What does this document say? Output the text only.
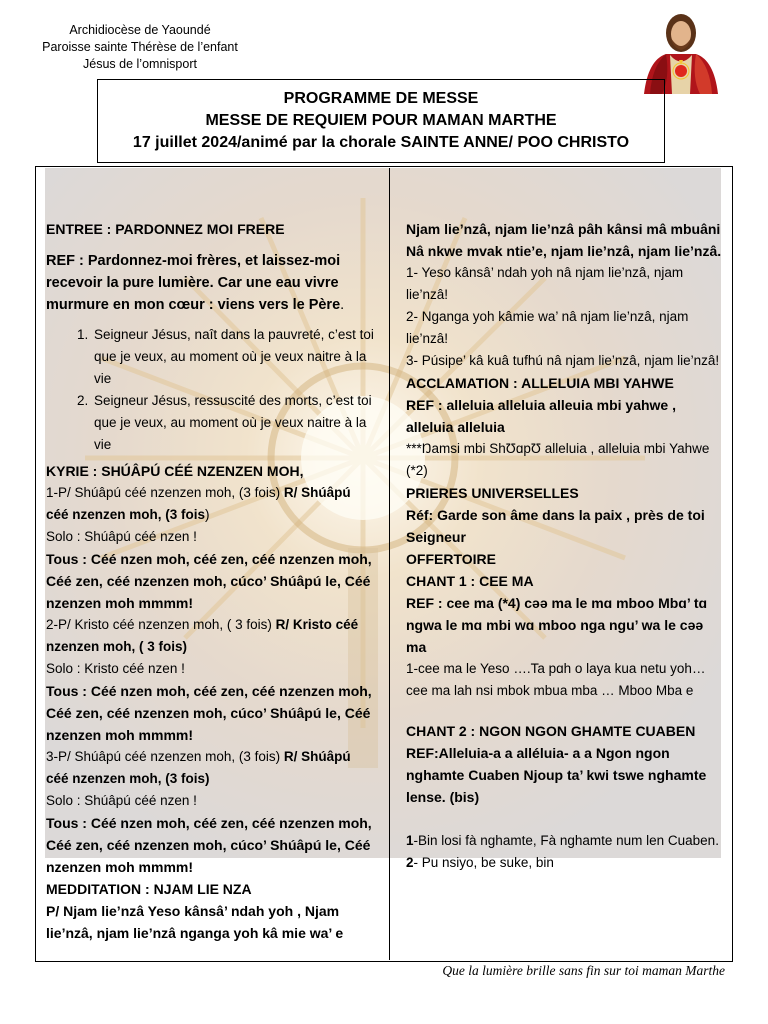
Archidiocèse de Yaoundé
Paroisse sainte Thérèse de l’enfant
Jésus de l’omnisport
PROGRAMME DE MESSE
MESSE DE REQUIEM POUR MAMAN MARTHE
17 juillet 2024/animé par la chorale SAINTE ANNE/ POO CHRISTO

ENTREE : PARDONNEZ MOI FRERE

REF : Pardonnez-moi frères, et laissez-moi recevoir la pure lumière. Car une eau vivre murmure en mon cœur : viens vers le Père.

1. Seigneur Jésus, naît dans la pauvreté, c’est toi que je veux, au moment où je veux naitre à la vie
2. Seigneur Jésus, ressuscité des morts, c’est toi que je veux, au moment où je veux naitre à la vie

KYRIE : SHÚÂPÚ CÉÉ NZENZEN MOH,

1-P/ Shúâpú céé nzenzen moh, (3 fois) R/ Shúâpú céé nzenzen moh, (3 fois)

Solo : Shúâpú céé nzen !

Tous : Céé nzen moh, céé zen, céé nzenzen moh, Céé zen, céé nzenzen moh, cúco’ Shúâpú le, Céé nzenzen moh mmmm!

2-P/ Kristo céé nzenzen moh, ( 3 fois) R/ Kristo céé nzenzen moh, ( 3 fois)

Solo : Kristo céé nzen !

Tous : Céé nzen moh, céé zen, céé nzenzen moh, Céé zen, céé nzenzen moh, cúco’ Shúâpú le, Céé nzenzen moh mmmm!

3-P/ Shúâpú céé nzenzen moh, (3 fois) R/ Shúâpú céé nzenzen moh, (3 fois)

Solo : Shúâpú céé nzen !

Tous : Céé nzen moh, céé zen, céé nzenzen moh, Céé zen, céé nzenzen moh, cúco’ Shúâpú le, Céé nzenzen moh mmmm!

MEDDITATION : NJAM LIE NZA

P/ Njam lie’nzâ Yeso kânsâ’ ndah yoh , Njam lie’nzâ, njam lie’nzâ nganga yoh kâ mie wa’ e

Njam lie’nzâ, njam lie’nzâ pâh kânsi mâ mbuâni Nâ nkwe mvak ntie’e, njam lie’nzâ, njam lie’nzâ.

1- Yeso kânsâ’ ndah yoh nâ njam lie’nzâ, njam lie’nzâ!

2- Nganga yoh kâmie wa’ nâ njam lie’nzâ, njam lie’nzâ!

3- Púsipe’ kâ kuâ tufhú nâ njam lie’nzâ, njam lie’nzâ!

ACCLAMATION : ALLELUIA MBI YAHWE

REF : alleluia alleluia alleuia mbi yahwe , alleluia alleluia

***Ŋamsi mbi ShƱɑpƱ alleluia , alleluia mbi Yahwe (*2)

PRIERES UNIVERSELLES

Réf: Garde son âme dans la paix , près de toi Seigneur

OFFERTOIRE

CHANT 1 : CEE MA

REF : cee ma (*4) cəə ma le mɑ mboo Mbɑ’ tɑ ngwa le mɑ mbi wɑ mboo nga ngu’ wa le cəə ma

1-cee ma le Yeso ….Ta pɑh o laya kua netu yoh… cee ma lah nsi mbok mbua mba … Mboo Mba e

CHANT 2 : NGON NGON GHAMTE CUABEN

REF:Alleluia-a a alléluia- a a Ngon ngon nghamte Cuaben Njoup ta’ kwi tswe nghamte lense. (bis)

1-Bin losi fà nghamte, Fà nghamte num len Cuaben. 2- Pu nsiyo, be suke, bin

Que la lumière brille sans fin sur toi maman Marthe
